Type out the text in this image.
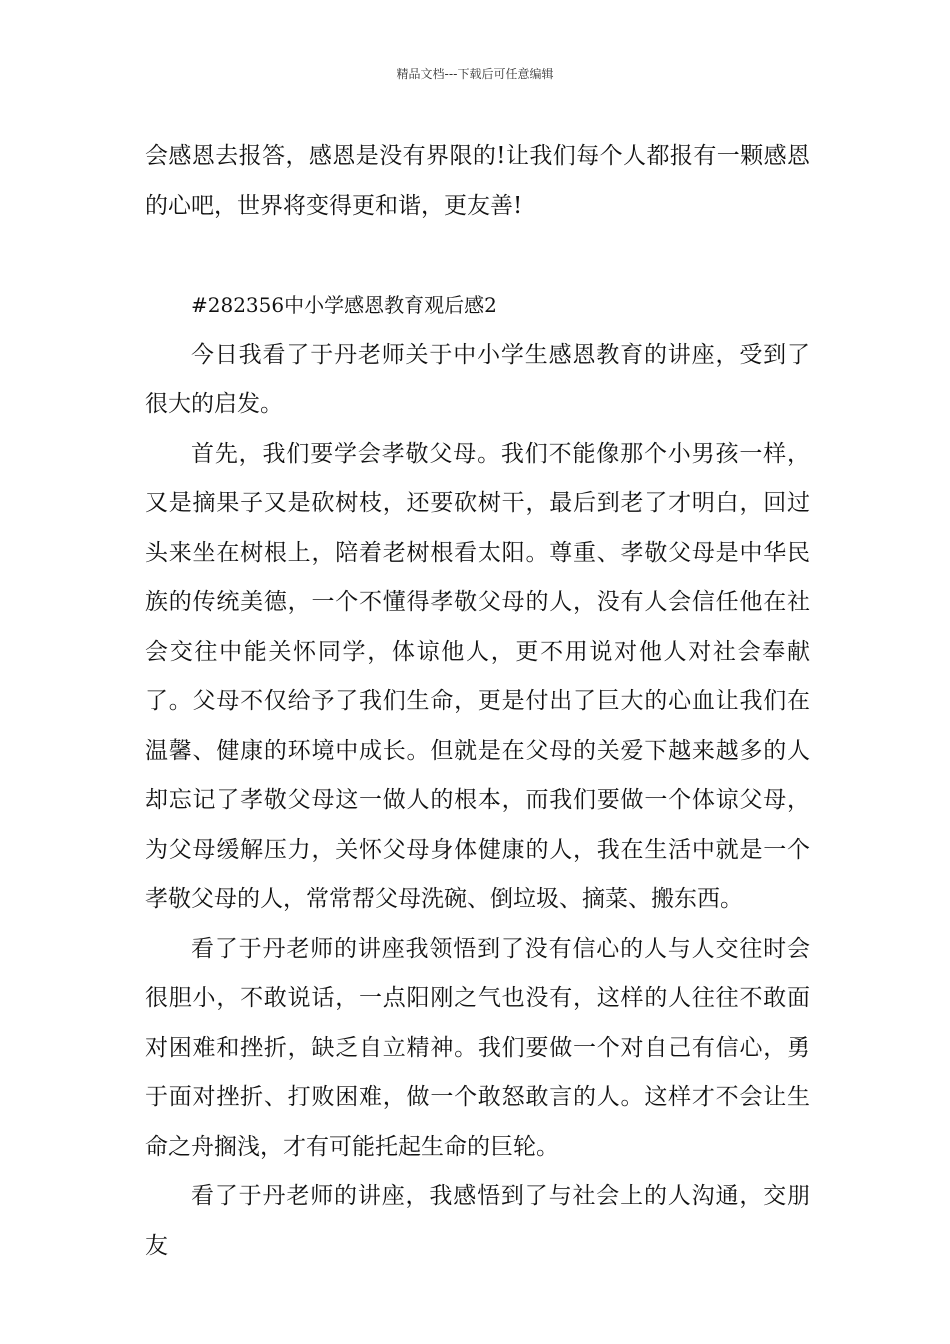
精品文档---下载后可任意编辑

会感恩去报答，感恩是没有界限的!让我们每个人都报有一颗感恩的心吧，世界将变得更和谐，更友善!

#282356中小学感恩教育观后感2

今日我看了于丹老师关于中小学生感恩教育的讲座，受到了很大的启发。

首先，我们要学会孝敬父母。我们不能像那个小男孩一样，又是摘果子又是砍树枝，还要砍树干，最后到老了才明白，回过头来坐在树根上，陪着老树根看太阳。尊重、孝敬父母是中华民族的传统美德，一个不懂得孝敬父母的人，没有人会信任他在社会交往中能关怀同学，体谅他人，更不用说对他人对社会奉献了。父母不仅给予了我们生命，更是付出了巨大的心血让我们在温馨、健康的环境中成长。但就是在父母的关爱下越来越多的人却忘记了孝敬父母这一做人的根本，而我们要做一个体谅父母，为父母缓解压力，关怀父母身体健康的人，我在生活中就是一个孝敬父母的人，常常帮父母洗碗、倒垃圾、摘菜、搬东西。

看了于丹老师的讲座我领悟到了没有信心的人与人交往时会很胆小，不敢说话，一点阳刚之气也没有，这样的人往往不敢面对困难和挫折，缺乏自立精神。我们要做一个对自己有信心，勇于面对挫折、打败困难，做一个敢怒敢言的人。这样才不会让生命之舟搁浅，才有可能托起生命的巨轮。

看了于丹老师的讲座，我感悟到了与社会上的人沟通，交朋友
